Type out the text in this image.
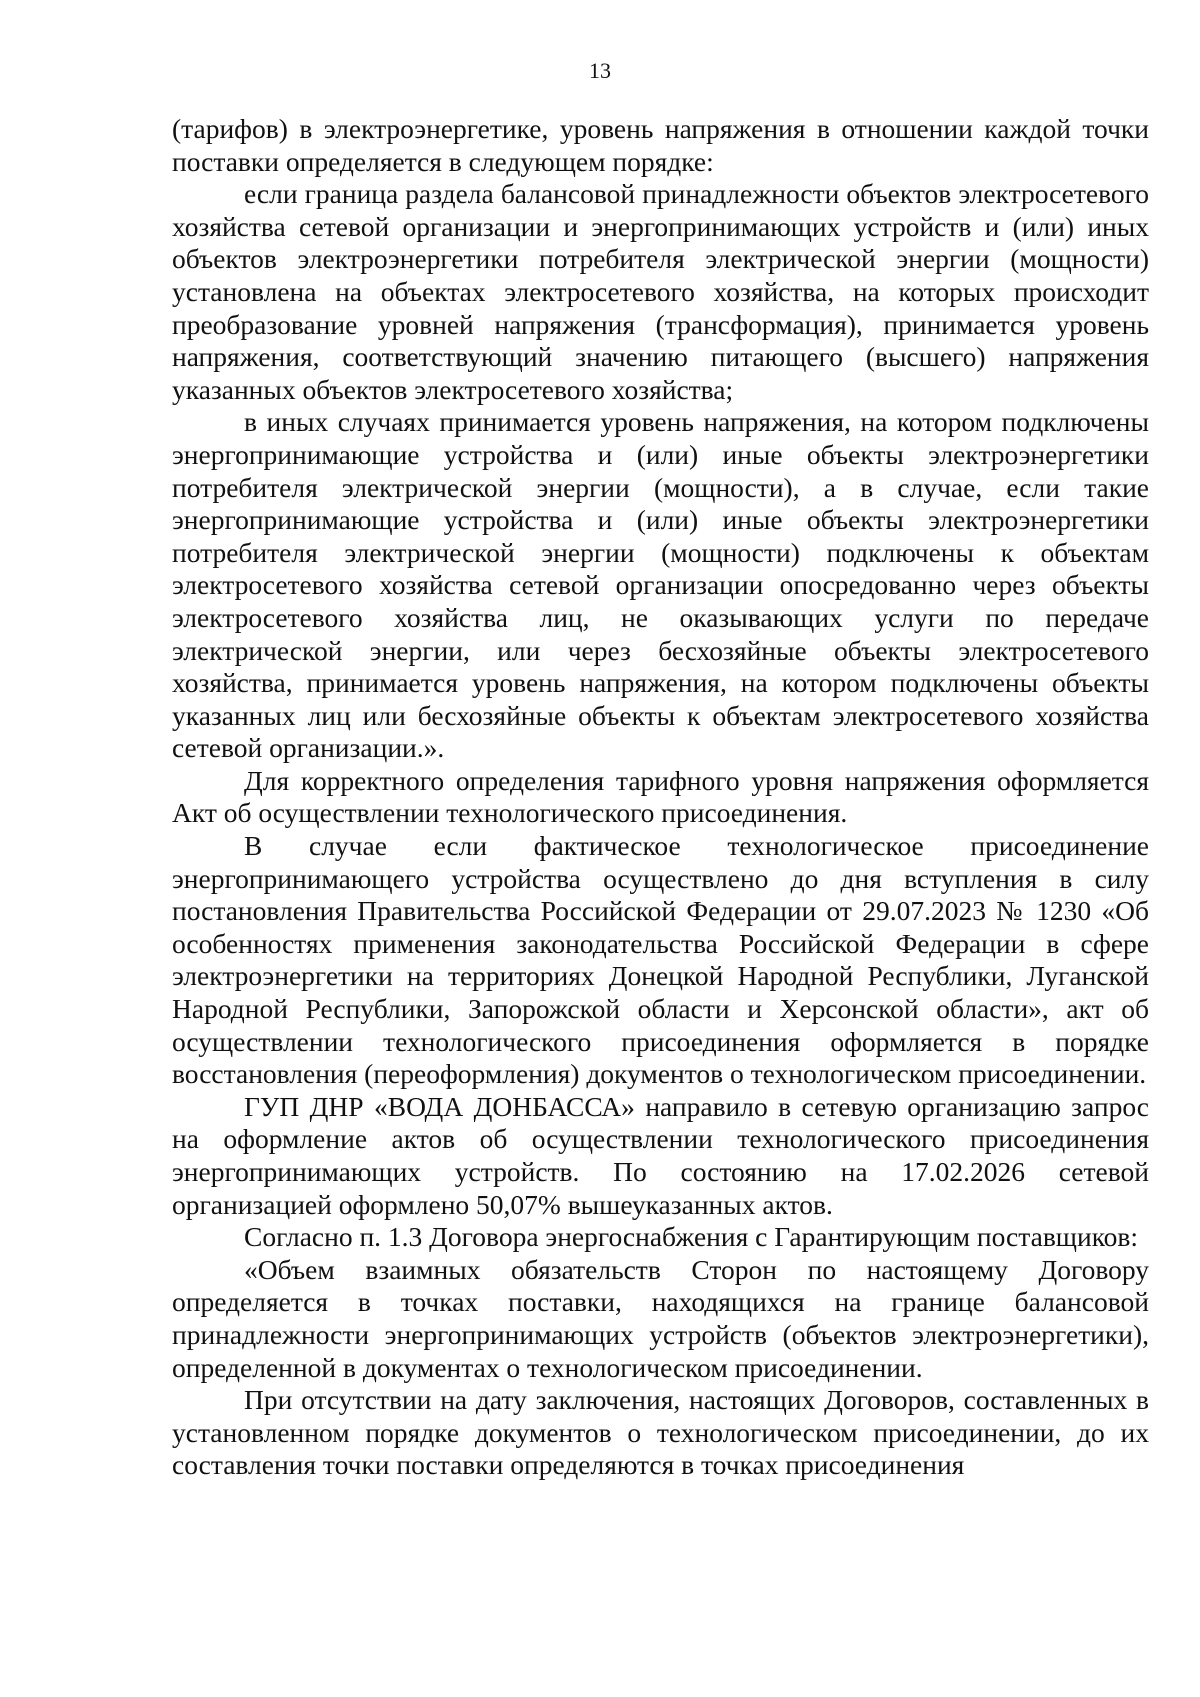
13

(тарифов) в электроэнергетике, уровень напряжения в отношении каждой точки поставки определяется в следующем порядке:

если граница раздела балансовой принадлежности объектов электросетевого хозяйства сетевой организации и энергопринимающих устройств и (или) иных объектов электроэнергетики потребителя электрической энергии (мощности) установлена на объектах электросетевого хозяйства, на которых происходит преобразование уровней напряжения (трансформация), принимается уровень напряжения, соответствующий значению питающего (высшего) напряжения указанных объектов электросетевого хозяйства;

в иных случаях принимается уровень напряжения, на котором подключены энергопринимающие устройства и (или) иные объекты электроэнергетики потребителя электрической энергии (мощности), а в случае, если такие энергопринимающие устройства и (или) иные объекты электроэнергетики потребителя электрической энергии (мощности) подключены к объектам электросетевого хозяйства сетевой организации опосредованно через объекты электросетевого хозяйства лиц, не оказывающих услуги по передаче электрической энергии, или через бесхозяйные объекты электросетевого хозяйства, принимается уровень напряжения, на котором подключены объекты указанных лиц или бесхозяйные объекты к объектам электросетевого хозяйства сетевой организации.».

Для корректного определения тарифного уровня напряжения оформляется Акт об осуществлении технологического присоединения.

В случае если фактическое технологическое присоединение энергопринимающего устройства осуществлено до дня вступления в силу постановления Правительства Российской Федерации от 29.07.2023 № 1230 «Об особенностях применения законодательства Российской Федерации в сфере электроэнергетики на территориях Донецкой Народной Республики, Луганской Народной Республики, Запорожской области и Херсонской области», акт об осуществлении технологического присоединения оформляется в порядке восстановления (переоформления) документов о технологическом присоединении.

ГУП ДНР «ВОДА ДОНБАССА» направило в сетевую организацию запрос на оформление актов об осуществлении технологического присоединения энергопринимающих устройств. По состоянию на 17.02.2026 сетевой организацией оформлено 50,07% вышеуказанных актов.

Согласно п. 1.3 Договора энергоснабжения с Гарантирующим поставщиков:

«Объем взаимных обязательств Сторон по настоящему Договору определяется в точках поставки, находящихся на границе балансовой принадлежности энергопринимающих устройств (объектов электроэнергетики), определенной в документах о технологическом присоединении.

При отсутствии на дату заключения, настоящих Договоров, составленных в установленном порядке документов о технологическом присоединении, до их составления точки поставки определяются в точках присоединения
